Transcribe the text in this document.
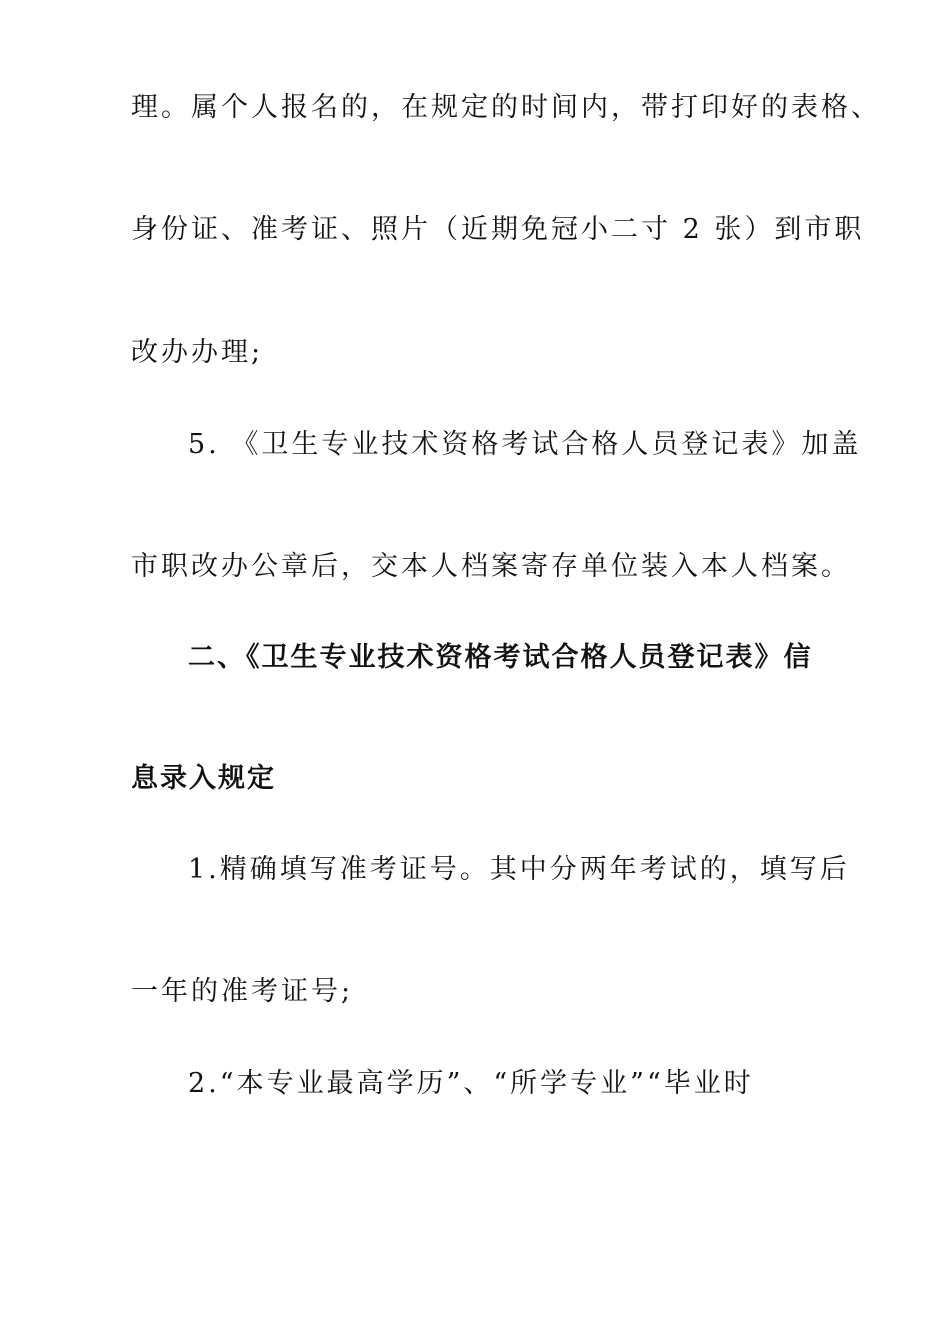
理。属个人报名的，在规定的时间内，带打印好的表格、
身份证、准考证、照片（近期免冠小二寸 2 张）到市职
改办办理;
5. 《卫生专业技术资格考试合格人员登记表》加盖
市职改办公章后，交本人档案寄存单位装入本人档案。
二、《卫生专业技术资格考试合格人员登记表》信
息录入规定
1.精确填写准考证号。其中分两年考试的，填写后
一年的准考证号;
2.“本专业最高学历”、“所学专业”“毕业时
